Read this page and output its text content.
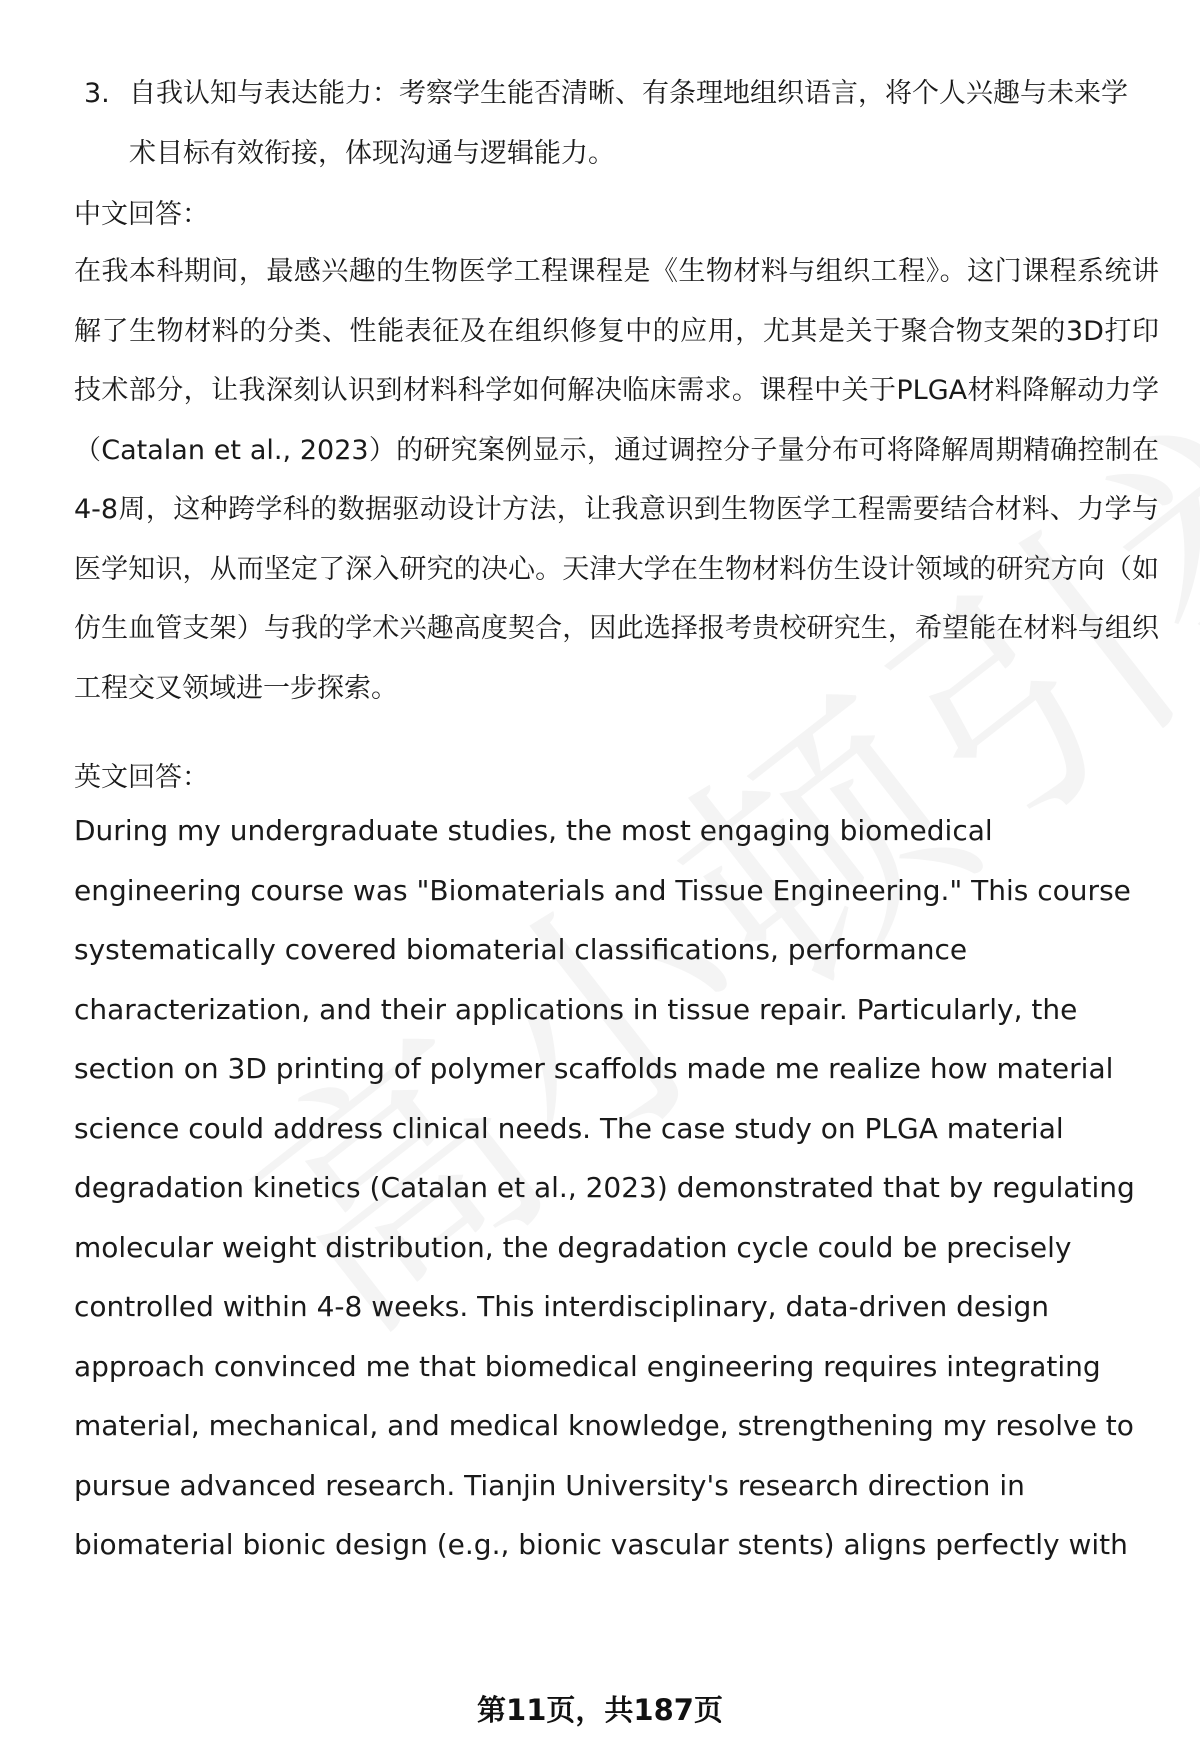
3. 自我认知与表达能力：考察学生能否清晰、有条理地组织语言，将个人兴趣与未来学术目标有效衔接，体现沟通与逻辑能力。
中文回答：
在我本科期间，最感兴趣的生物医学工程课程是《生物材料与组织工程》。这门课程系统讲解了生物材料的分类、性能表征及在组织修复中的应用，尤其是关于聚合物支架的3D打印技术部分，让我深刻认识到材料科学如何解决临床需求。课程中关于PLGA材料降解动力学（Catalan et al., 2023）的研究案例显示，通过调控分子量分布可将降解周期精确控制在4-8周，这种跨学科的数据驱动设计方法，让我意识到生物医学工程需要结合材料、力学与医学知识，从而坚定了深入研究的决心。天津大学在生物材料仿生设计领域的研究方向（如仿生血管支架）与我的学术兴趣高度契合，因此选择报考贵校研究生，希望能在材料与组织工程交叉领域进一步探索。
英文回答：
During my undergraduate studies, the most engaging biomedical engineering course was "Biomaterials and Tissue Engineering." This course systematically covered biomaterial classifications, performance characterization, and their applications in tissue repair. Particularly, the section on 3D printing of polymer scaffolds made me realize how material science could address clinical needs. The case study on PLGA material degradation kinetics (Catalan et al., 2023) demonstrated that by regulating molecular weight distribution, the degradation cycle could be precisely controlled within 4-8 weeks. This interdisciplinary, data-driven design approach convinced me that biomedical engineering requires integrating material, mechanical, and medical knowledge, strengthening my resolve to pursue advanced research. Tianjin University's research direction in biomaterial bionic design (e.g., bionic vascular stents) aligns perfectly with
第11页，共187页
